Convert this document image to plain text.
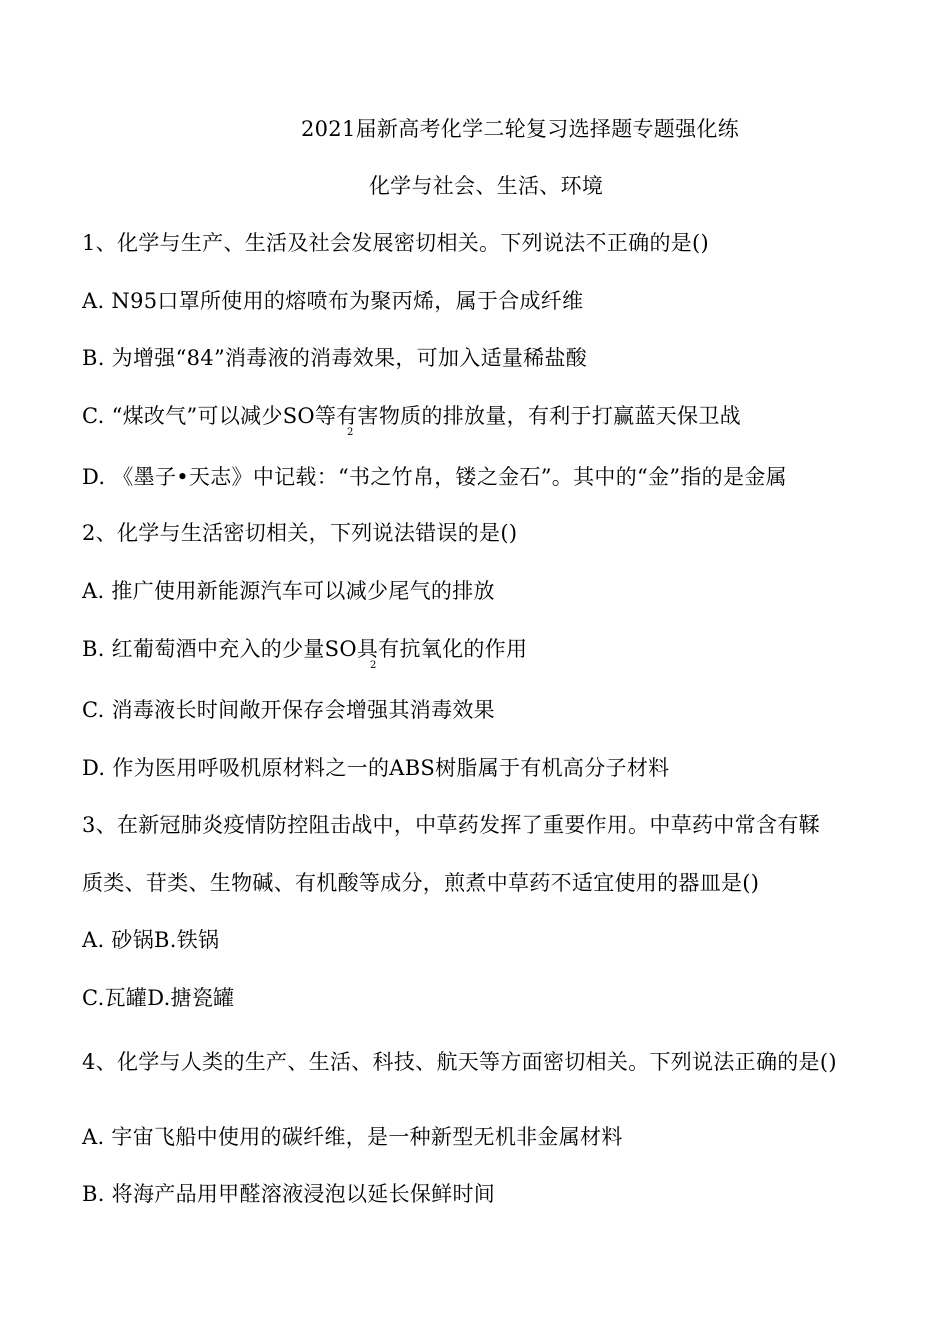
2021届新高考化学二轮复习选择题专题强化练
化学与社会、生活、环境
1、化学与生产、生活及社会发展密切相关。下列说法不正确的是()
A. N95口罩所使用的熔喷布为聚丙烯，属于合成纤维
B. 为增强“84”消毒液的消毒效果，可加入适量稀盐酸
C. “煤改气”可以减少SO等有害物质的排放量，有利于打赢蓝天保卫战
2
D. 《墨子•天志》中记载：“书之竹帛，镂之金石”。其中的“金”指的是金属
2、化学与生活密切相关，下列说法错误的是()
A. 推广使用新能源汽车可以减少尾气的排放
B. 红葡萄酒中充入的少量SO具有抗氧化的作用
2
C. 消毒液长时间敞开保存会增强其消毒效果
D. 作为医用呼吸机原材料之一的ABS树脂属于有机高分子材料
3、在新冠肺炎疫情防控阻击战中，中草药发挥了重要作用。中草药中常含有鞣
质类、苷类、生物碱、有机酸等成分，煎煮中草药不适宜使用的器皿是()
A. 砂锅B.铁锅
C.瓦罐D.搪瓷罐
4、化学与人类的生产、生活、科技、航天等方面密切相关。下列说法正确的是()
A. 宇宙飞船中使用的碳纤维，是一种新型无机非金属材料
B. 将海产品用甲醛溶液浸泡以延长保鲜时间
